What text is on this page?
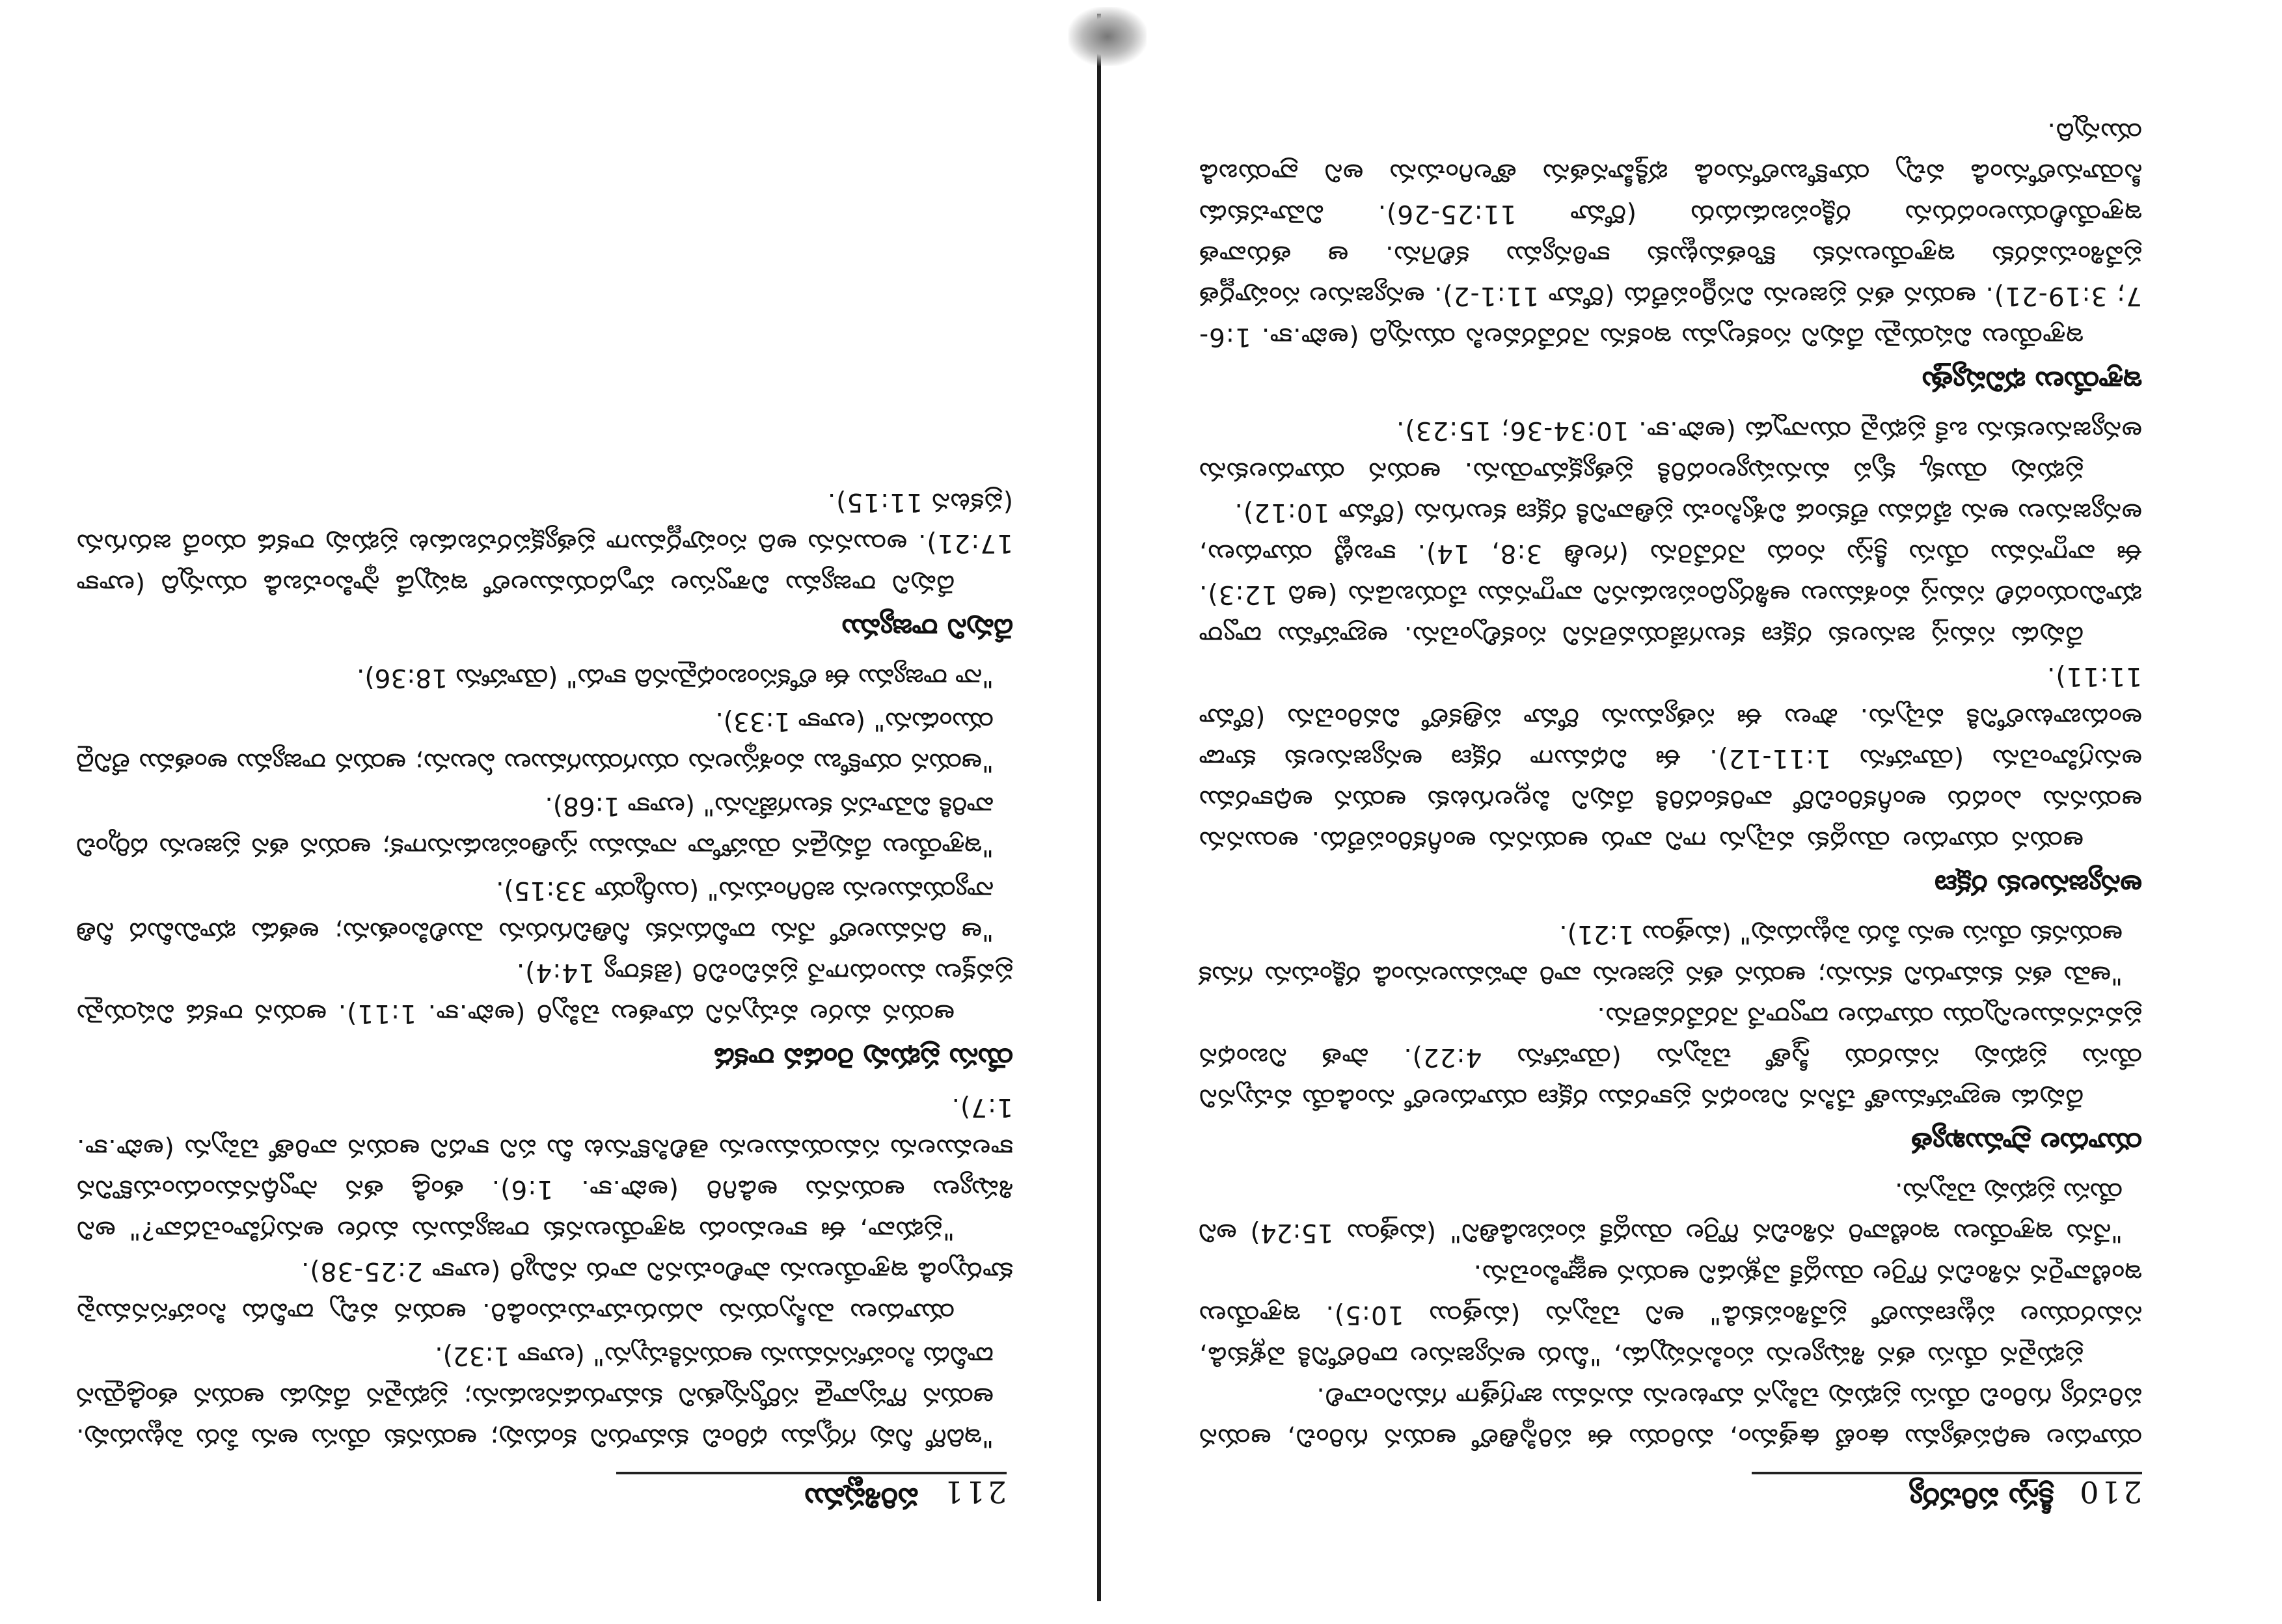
210
క్రీస్తు పరిచర్య

యూదుల ఆధిపత్యము ఉంటే ఉత్తమం, మరియు ఈ పరిస్థితిలో ఆయన గురించి, ఆయన పరిచర్య గురించి యేసు ప్రభువు చెప్పిన మాటలను మనము జాగ్రత్తగా గమనించాలి.

ప్రభువైన యేసు తన శిష్యులను పంపినప్పుడు, "మీరు అన్యజనుల దారిలోనికి వెళ్లకుడి, సమరయుల పట్టణములో ప్రవేశింపకుడి" అని చెప్పెను (మత్తయి 10:5). ఇశ్రాయేలు ఇంటివారైన నశించిన గొర్రెల యొద్దకే వెళ్లుడని ఆయన ఆజ్ఞాపించెను.

"నేను ఇశ్రాయేలు ఇంటివారి నశించిన గొర్రెల యొద్దకే పంపబడితిని" (మత్తయి 15:24) అని యేసు ప్రభువు చెప్పెను.

యూదుల ప్రాముఖ్యత

దేవుడు అబ్రాహాముతో చేసిన నిబంధన ప్రకారము రక్షణ యూదులలో నుండియే వచ్చునని యేసు ప్రభువు సమరయ స్త్రీతో చెప్పెను (యోహాను 4:22). పాత నిబంధన ప్రవచనములన్నియు యూదుల ద్వారానే నెరవేరవలెను.

"ఆమె తన కుమారుని కనును; ఆయన తన ప్రజలను వారి పాపములనుండి రక్షించును గనుక ఆయనకు యేసు అను పేరు పెట్టుదువు" (మత్తయి 1:21).

అన్యజనులకు రక్షణ

ఆయన యూదుల యొద్దకు వచ్చెను గాని వారు ఆయనను అంగీకరింపలేదు. అయినను ఆయనను ఎందరు అంగీకరించిరో వారికందరికి దేవుని పిల్లలగుటకు ఆయన అధికారము అనుగ్రహించెను (యోహాను 1:11-12). ఈ విధముగా రక్షణ అన్యజనులకు కూడా అందుబాటులోనికి వచ్చెను. పౌలు ఈ సత్యమును రోమా పత్రికలో వివరించెను (రోమా 11:11).

దేవుడు సమస్త జనులకు రక్షణ కలుగజేయవలెనని సంకల్పించెను. అబ్రాహాము ద్వారా భూమియందలి సమస్త వంశములు ఆశీర్వదింపబడునని వాగ్దానము చేయబడెను (ఆది 12:3). ఈ వాగ్దానము యేసు క్రీస్తు నందు నెరవేరెను (గలతీ 3:8, 14). కాబట్టి యూదులు, అన్యజనులు అను భేదము లేకుండ విశ్వసించు ప్రతివానికి రక్షణ కలుగును (రోమా 10:12).

ప్రభువు యొక్క కృప మనుష్యులందరికి ప్రత్యక్షమాయెను. ఆయన యూదులకును అన్యజనులకును ఒకే ప్రభువై యున్నాడు (అపొ.కా. 10:34-36; 15:23).

ఇశ్రాయేలు భవిష్యత్తు

ఇశ్రాయేలు విషయమై దేవుని సంకల్పము ఇంకను నెరవేరవలసి యున్నది (అపొ.కా. 1:6-7; 3:19-21). ఆయన తన ప్రజలను విసర్జింపలేదు (రోమా 11:1-2). అన్యజనుల సంపూర్ణత ప్రవేశించువరకు ఇశ్రాయేలునకు కొంతమట్టుకు కాఠిన్యము కలిగెను. ఆ తరువాత ఇశ్రాయేలీయులందరును రక్షింపబడుదురు (రోమా 11:25-26). విమోచకుడు సీయోనులోనుండి వచ్చి యాకోబులోనుండి భక్తిహీనతను తొలగించును అని వ్రాయబడి యున్నది.

211
పరిశిష్టము

"ఇదిగో నీవు గర్భము ధరించి కుమారుని కందువు; ఆయనకు యేసు అను పేరు పెట్టుదువు. ఆయన గొప్పవాడై సర్వోన్నతుని కుమారుడనబడును; ప్రభువైన దేవుడు ఆయన తండ్రియైన దావీదు సింహాసనమును ఆయనకిచ్చును" (లూకా 1:32).

యూదులు మెస్సీయను ఎదురుచూచుచుండిరి. ఆయన వచ్చి దావీదు సింహాసనముపై కూర్చుండి ఇశ్రాయేలును పాలించునని వారు నమ్మిరి (లూకా 2:25-38).

"ప్రభువా, ఈ కాలమందు ఇశ్రాయేలునకు రాజ్యమును మరల అనుగ్రహించెదవా?" అని శిష్యులు ఆయనను అడిగిరి (అపొ.కా. 1:6). తండ్రి తన స్వాధీనమందుంచుకొనిన కాలములను సమయములను తెలిసికొనుట మీ పని కాదని ఆయన వారితో చెప్పెను (అపొ.కా. 1:7).

యేసు ప్రభువు రెండవ రాకడ

ఆయన మరల వచ్చునని దూతలు చెప్పిరి (అపొ.కా. 1:11). ఆయన రాకడ విషయమై ప్రవక్తలు ముందుగానే ప్రవచించిరి (జెకర్యా 14:4).

"ఆ దినములలో నేను దావీదునకు నీతిచిగురును మొలిపింతును; అతడు భూమిమీద నీతి న్యాయములను జరిగించును" (యిర్మీయా 33:15).

"ఇశ్రాయేలు దేవుడైన యెహోవా నామము స్తుతింపబడునుగాక; ఆయన తన ప్రజలను దర్శించి వారికి విమోచన కలుగజేసెను" (లూకా 1:68).

"ఆయన యాకోబు వంశస్థులను యుగయుగములు ఏలును; ఆయన రాజ్యము అంతము లేనిదై యుండును" (లూకా 1:33).

"నా రాజ్యము ఈ లోకసంబంధమైనది కాదు" (యోహాను 18:36).

దేవుని రాజ్యము

దేవుని రాజ్యము విశ్వాసుల హృదయములలో ఇప్పుడే స్థాపించబడి యున్నది (లూకా 17:21). అయినను అది సంపూర్ణముగా ప్రత్యక్షపరచబడుట ప్రభువు రాకడ యందే జరుగును (ప్రకటన 11:15).
